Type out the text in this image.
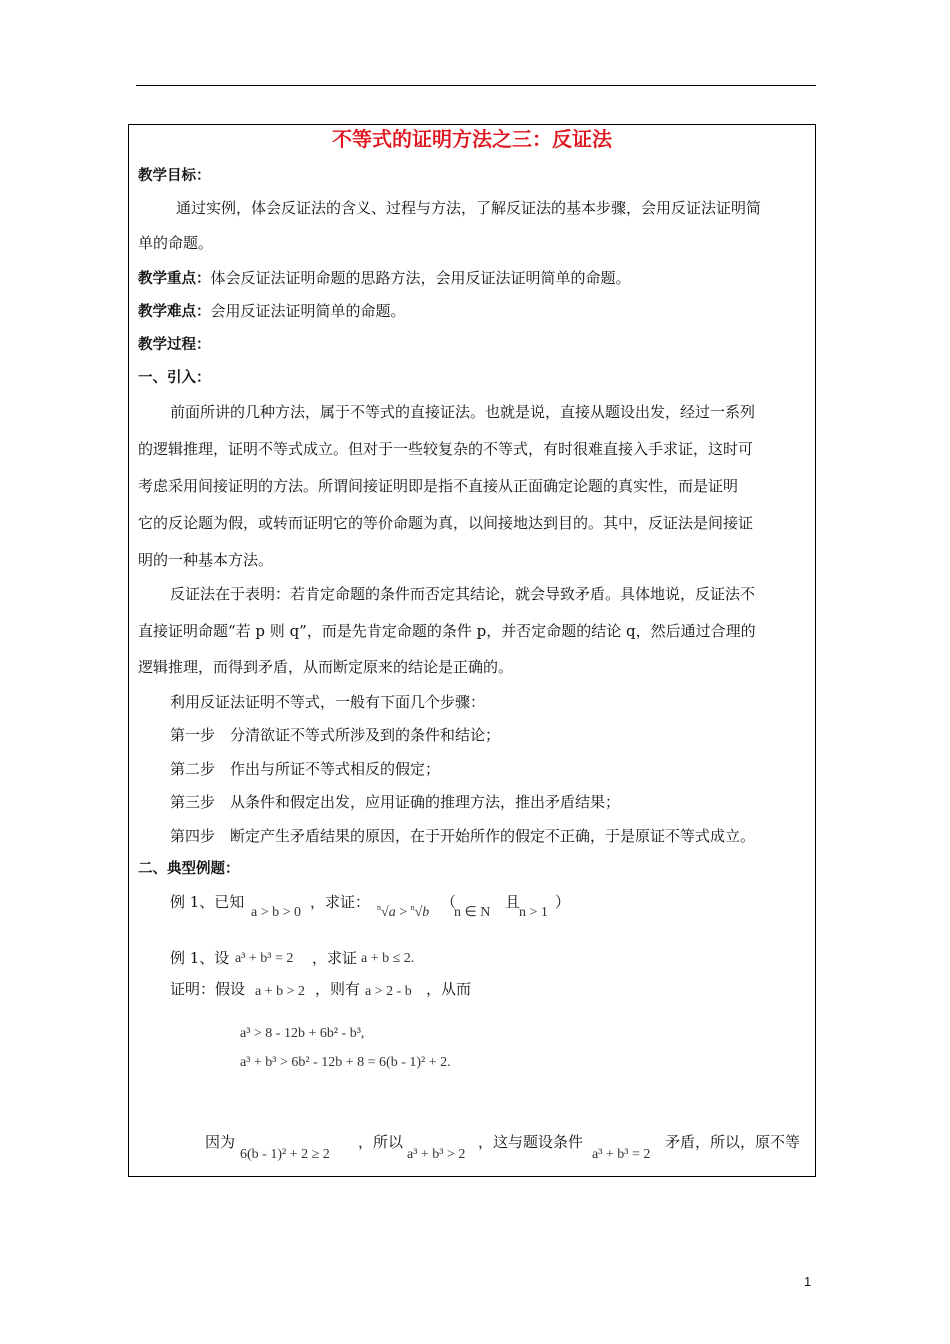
不等式的证明方法之三：反证法
教学目标：
通过实例，体会反证法的含义、过程与方法，了解反证法的基本步骤，会用反证法证明简
单的命题。
教学重点：体会反证法证明命题的思路方法，会用反证法证明简单的命题。
教学难点：会用反证法证明简单的命题。
教学过程：
一、引入：
前面所讲的几种方法，属于不等式的直接证法。也就是说，直接从题设出发，经过一系列
的逻辑推理，证明不等式成立。但对于一些较复杂的不等式，有时很难直接入手求证，这时可
考虑采用间接证明的方法。所谓间接证明即是指不直接从正面确定论题的真实性，而是证明
它的反论题为假，或转而证明它的等价命题为真，以间接地达到目的。其中，反证法是间接证
明的一种基本方法。
反证法在于表明：若肯定命题的条件而否定其结论，就会导致矛盾。具体地说，反证法不
直接证明命题“若 p 则 q”，而是先肯定命题的条件 p，并否定命题的结论 q，然后通过合理的
逻辑推理，而得到矛盾，从而断定原来的结论是正确的。
利用反证法证明不等式，一般有下面几个步骤：
第一步　分清欲证不等式所涉及到的条件和结论；
第二步　作出与所证不等式相反的假定；
第三步　从条件和假定出发，应用证确的推理方法，推出矛盾结果；
第四步　断定产生矛盾结果的原因，在于开始所作的假定不正确，于是原证不等式成立。
二、典型例题：
例 1、已知
a > b > 0
，求证： $^n$√a > $^n$√b
（
n ∈ N
且
n > 1
）
例 1、设 a³ + b³ = 2 ，求证 a + b ≤ 2.
证明：假设 a + b > 2 ，则有 a > 2 - b ，从而
a³ > 8 - 12b + 6b² - b³,
a³ + b³ > 6b² - 12b + 8 = 6(b - 1)² + 2.
因为
6(b - 1)² + 2 ≥ 2
，所以
a³ + b³ > 2
，这与题设条件
a³ + b³ = 2
矛盾，所以，原不等
1
